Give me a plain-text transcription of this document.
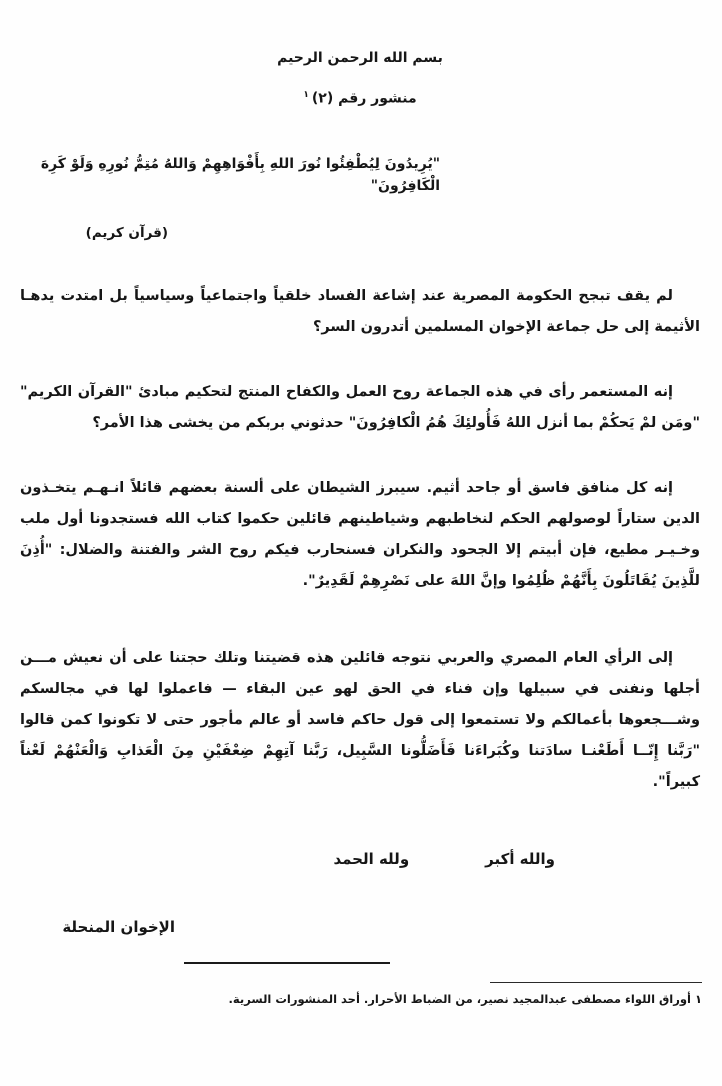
بسم الله الرحمن الرحيم
منشور رقم (٢)$^١$
"يُرِيدُونَ لِيُطْفِئُوا نُورَ اللهِ بِأَفْوَاهِهِمْ وَاللهُ مُتِمُّ نُورِهِ وَلَوْ كَرِهَ الْكَافِرُونَ"
(قرآن كريم)

لم يقف تبجح الحكومة المصرية عند إشاعة الفساد خلقياً واجتماعياً وسياسياً بل امتدت يدهـا الأثيمة إلى حل جماعة الإخوان المسلمين أتدرون السر؟

إنه المستعمر رأى في هذه الجماعة روح العمل والكفاح المنتج لتحكيم مبادئ "القرآن الكريم" "ومَن لمْ يَحكُمْ بما أنزل اللهُ فَأُولئِكَ هُمُ الْكافِرُونَ" حدثوني بربكم من يخشى هذا الأمر؟

إنه كل منافق فاسق أو جاحد أثيم. سيبرز الشيطان على ألسنة بعضهم قائلاً انـهـم يتخـذون الدين ستاراً لوصولهم الحكم لنخاطبهم وشياطينهم قائلين حكموا كتاب الله فستجدونا أول ملب وخـيـر مطيع، فإن أبيتم إلا الجحود والنكران فسنحارب فيكم روح الشر والفتنة والضلال: "أُذِنَ للَّذِينَ يُقَاتَلُونَ بِأَنَّهُمْ ظُلِمُوا وإنَّ اللهَ على نَصْرِهِمْ لَقَدِيرٌ".

إلى الرأي العام المصري والعربي نتوجه قائلين هذه قضيتنا وتلك حجتنا على أن نعيش مـــن أجلها ونفنى في سبيلها وإن فناء في الحق لهو عين البقاء — فاعملوا لها في مجالسكم وشـــجعوها بأعمالكم ولا تستمعوا إلى قول حاكم فاسد أو عالم مأجور حتى لا تكونوا كمن قالوا "رَبَّنا إِنّــا أَطَعْنـا سادَتنا وكُبَراءَنا فَأَضَلُّونا السَّبِيل، رَبَّنا آتِهِمْ ضِعْفَيْنِ مِنَ الْعَذابِ وَالْعَنْهُمْ لَعْناً كبيراً".

والله أكبر
ولله الحمد
الإخوان المنحلة
١ أوراق اللواء مصطفى عبدالمجيد نصير، من الضباط الأحرار. أحد المنشورات السرية.
